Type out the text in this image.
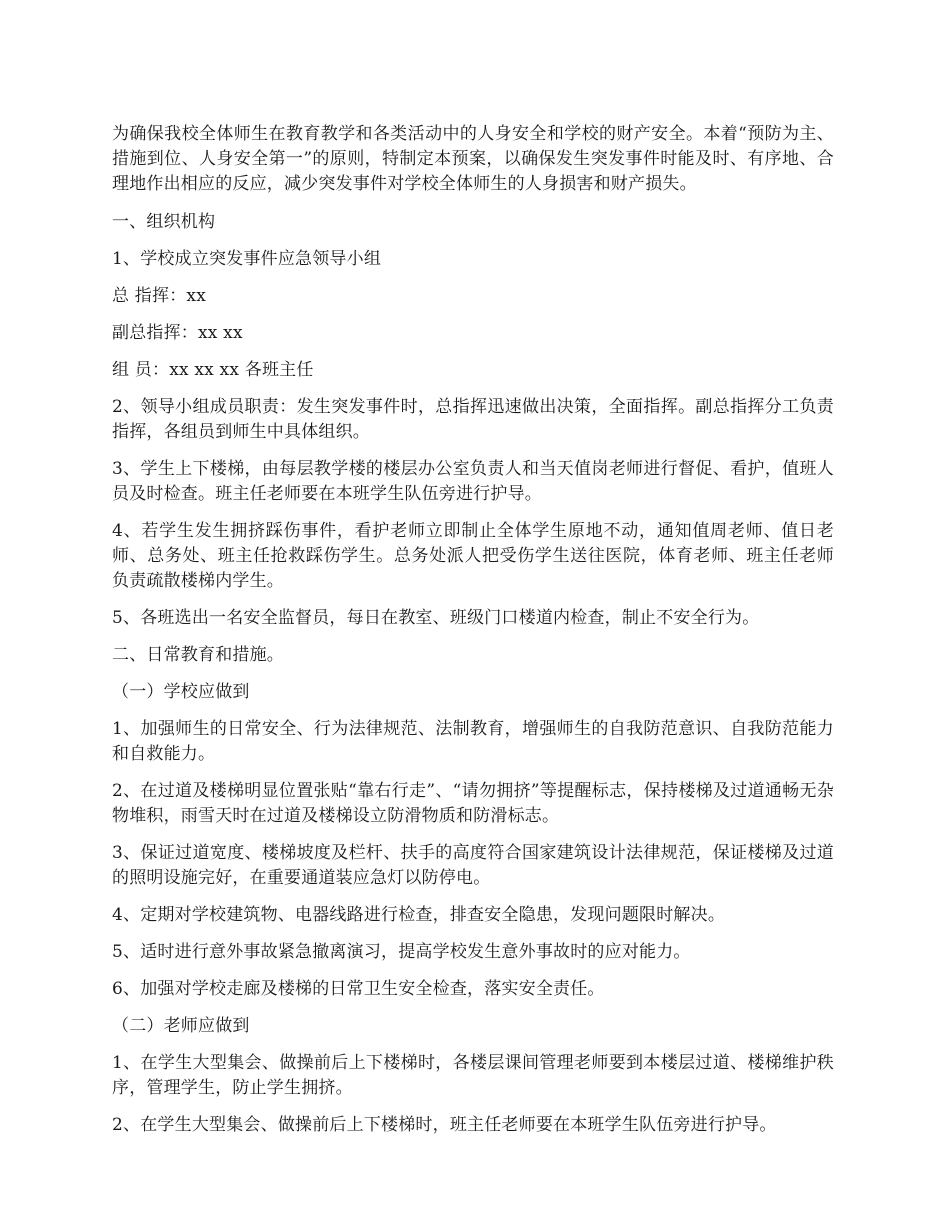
为确保我校全体师生在教育教学和各类活动中的人身安全和学校的财产安全。本着“预防为主、措施到位、人身安全第一”的原则，特制定本预案，以确保发生突发事件时能及时、有序地、合理地作出相应的反应，减少突发事件对学校全体师生的人身损害和财产损失。

一、组织机构

1、学校成立突发事件应急领导小组

总 指挥：xx

副总指挥：xx xx

组 员：xx xx xx 各班主任

2、领导小组成员职责：发生突发事件时，总指挥迅速做出决策，全面指挥。副总指挥分工负责指挥，各组员到师生中具体组织。

3、学生上下楼梯，由每层教学楼的楼层办公室负责人和当天值岗老师进行督促、看护，值班人员及时检查。班主任老师要在本班学生队伍旁进行护导。

4、若学生发生拥挤踩伤事件，看护老师立即制止全体学生原地不动，通知值周老师、值日老师、总务处、班主任抢救踩伤学生。总务处派人把受伤学生送往医院，体育老师、班主任老师负责疏散楼梯内学生。

5、各班选出一名安全监督员，每日在教室、班级门口楼道内检查，制止不安全行为。

二、日常教育和措施。

（一）学校应做到

1、加强师生的日常安全、行为法律规范、法制教育，增强师生的自我防范意识、自我防范能力和自救能力。

2、在过道及楼梯明显位置张贴“靠右行走”、“请勿拥挤”等提醒标志，保持楼梯及过道通畅无杂物堆积，雨雪天时在过道及楼梯设立防滑物质和防滑标志。

3、保证过道宽度、楼梯坡度及栏杆、扶手的高度符合国家建筑设计法律规范，保证楼梯及过道的照明设施完好，在重要通道装应急灯以防停电。

4、定期对学校建筑物、电器线路进行检查，排查安全隐患，发现问题限时解决。

5、适时进行意外事故紧急撤离演习，提高学校发生意外事故时的应对能力。

6、加强对学校走廊及楼梯的日常卫生安全检查，落实安全责任。

（二）老师应做到

1、在学生大型集会、做操前后上下楼梯时，各楼层课间管理老师要到本楼层过道、楼梯维护秩序，管理学生，防止学生拥挤。

2、在学生大型集会、做操前后上下楼梯时，班主任老师要在本班学生队伍旁进行护导。
